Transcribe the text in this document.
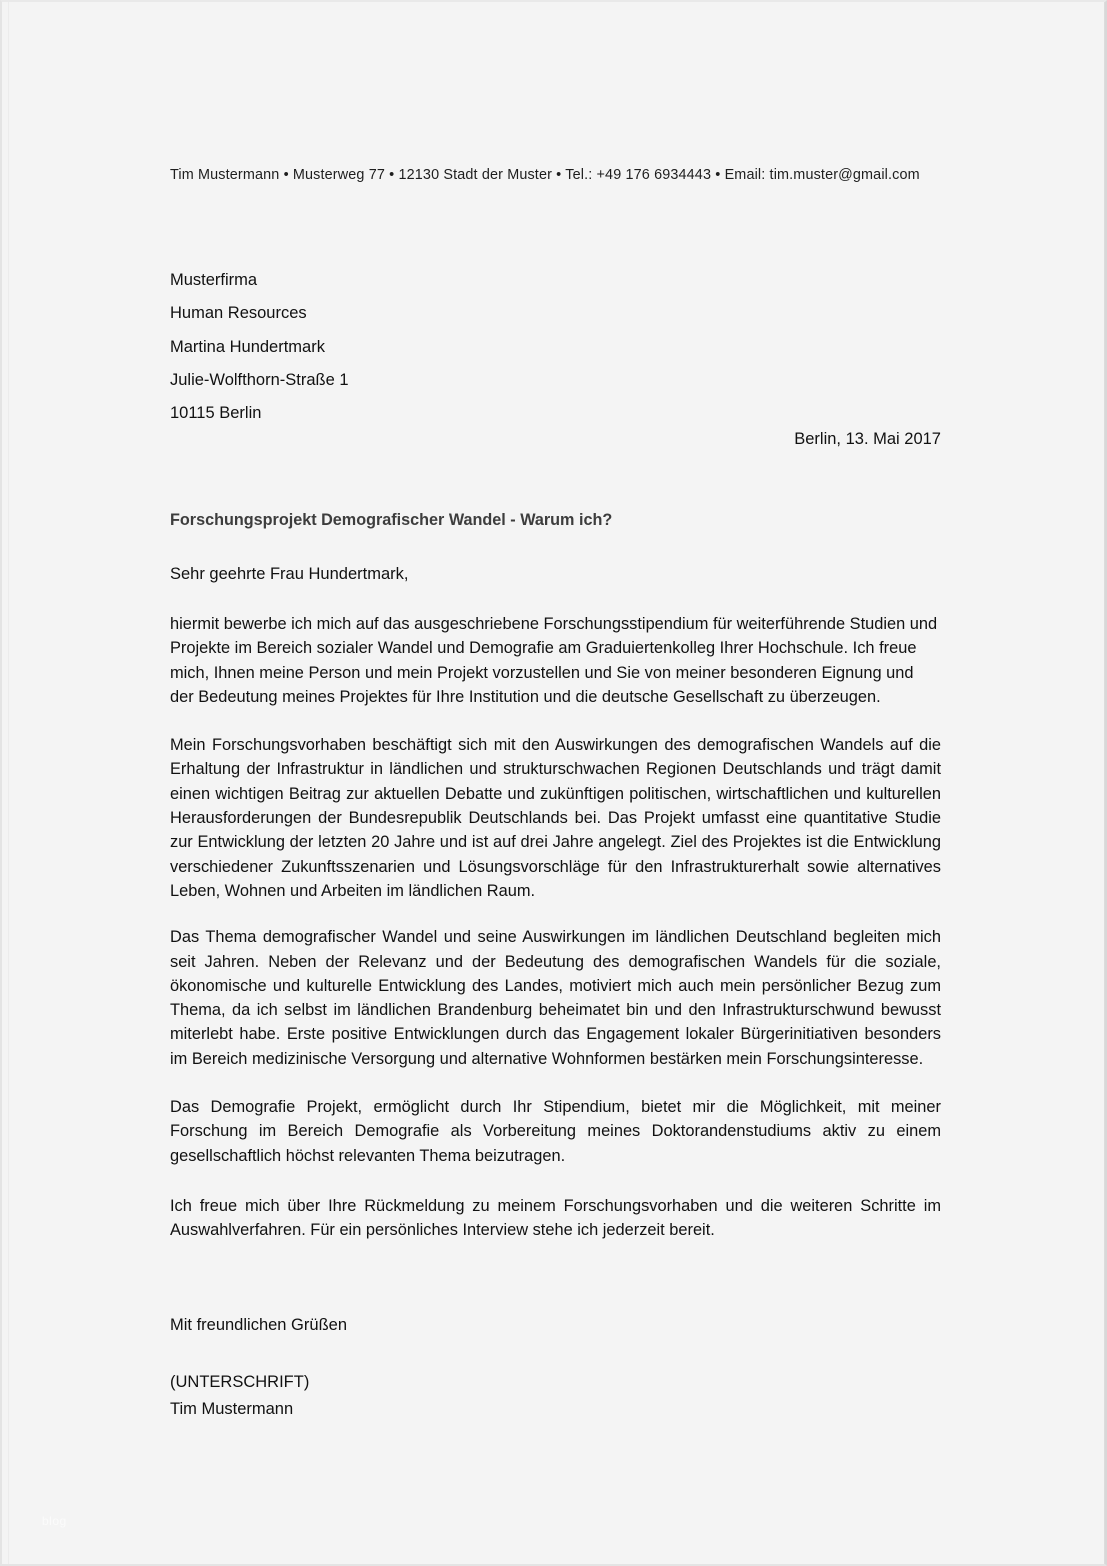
Tim Mustermann • Musterweg 77 • 12130 Stadt der Muster • Tel.: +49 176 6934443 • Email: tim.muster@gmail.com
Musterfirma
Human Resources
Martina Hundertmark
Julie-Wolfthorn-Straße 1
10115 Berlin
Berlin, 13. Mai 2017
Forschungsprojekt Demografischer Wandel - Warum ich?
Sehr geehrte Frau Hundertmark,

hiermit bewerbe ich mich auf das ausgeschriebene Forschungsstipendium für weiterführende Studien und Projekte im Bereich sozialer Wandel und Demografie am Graduiertenkolleg Ihrer Hochschule. Ich freue mich, Ihnen meine Person und mein Projekt vorzustellen und Sie von meiner besonderen Eignung und der Bedeutung meines Projektes für Ihre Institution und die deutsche Gesellschaft zu überzeugen.

Mein Forschungsvorhaben beschäftigt sich mit den Auswirkungen des demografischen Wandels auf die Erhaltung der Infrastruktur in ländlichen und strukturschwachen Regionen Deutschlands und trägt damit einen wichtigen Beitrag zur aktuellen Debatte und zukünftigen politischen, wirtschaftlichen und kulturellen Herausforderungen der Bundesrepublik Deutschlands bei. Das Projekt umfasst eine quantitative Studie zur Entwicklung der letzten 20 Jahre und ist auf drei Jahre angelegt. Ziel des Projektes ist die Entwicklung verschiedener Zukunftsszenarien und Lösungsvorschläge für den Infrastrukturerhalt sowie alternatives Leben, Wohnen und Arbeiten im ländlichen Raum.

Das Thema demografischer Wandel und seine Auswirkungen im ländlichen Deutschland begleiten mich seit Jahren. Neben der Relevanz und der Bedeutung des demografischen Wandels für die soziale, ökonomische und kulturelle Entwicklung des Landes, motiviert mich auch mein persönlicher Bezug zum Thema, da ich selbst im ländlichen Brandenburg beheimatet bin und den Infrastrukturschwund bewusst miterlebt habe. Erste positive Entwicklungen durch das Engagement lokaler Bürgerinitiativen besonders im Bereich medizinische Versorgung und alternative Wohnformen bestärken mein Forschungsinteresse.

Das Demografie Projekt, ermöglicht durch Ihr Stipendium, bietet mir die Möglichkeit, mit meiner Forschung im Bereich Demografie als Vorbereitung meines Doktorandenstudiums aktiv zu einem gesellschaftlich höchst relevanten Thema beizutragen.

Ich freue mich über Ihre Rückmeldung zu meinem Forschungsvorhaben und die weiteren Schritte im Auswahlverfahren. Für ein persönliches Interview stehe ich jederzeit bereit.

Mit freundlichen Grüßen
(UNTERSCHRIFT)
Tim Mustermann
blog
